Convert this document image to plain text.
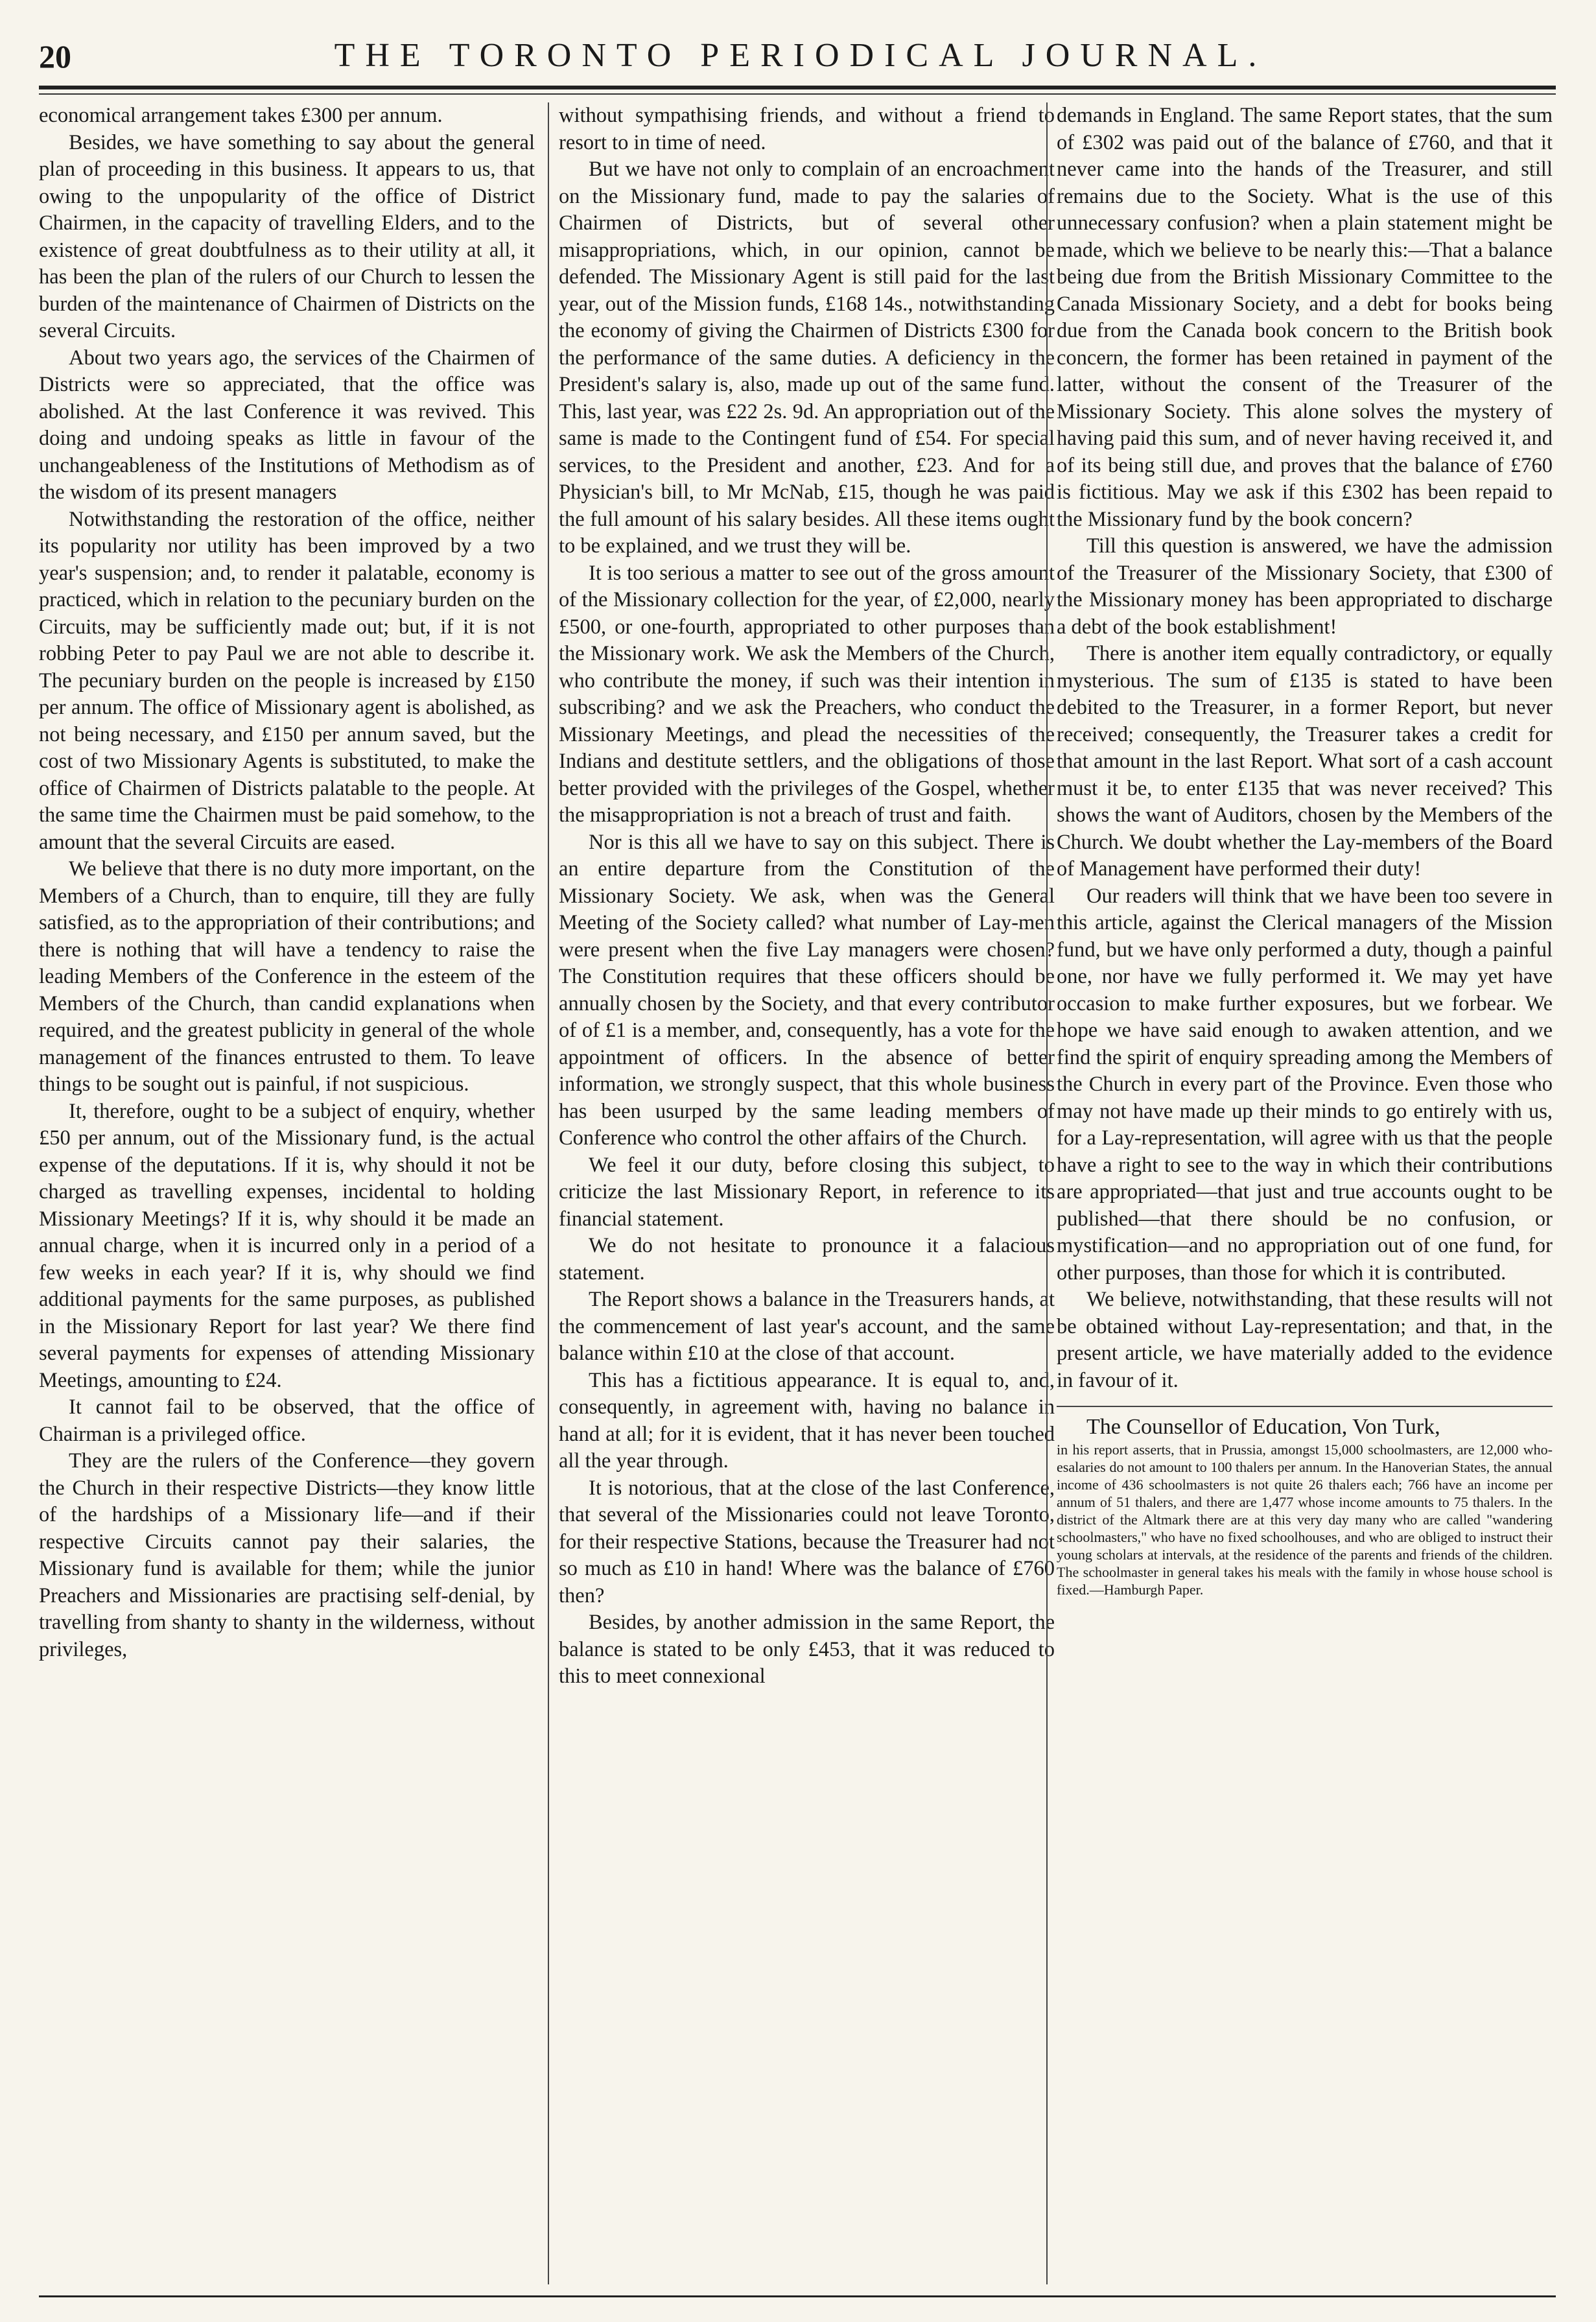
20	THE TORONTO PERIODICAL JOURNAL.

economical arrangement takes £300 per annum.

Besides, we have something to say about the general plan of proceeding in this business. It appears to us, that owing to the unpopularity of the office of District Chairmen, in the capacity of travelling Elders, and to the existence of great doubtfulness as to their utility at all, it has been the plan of the rulers of our Church to lessen the burden of the maintenance of Chairmen of Districts on the several Circuits.

About two years ago, the services of the Chairmen of Districts were so appreciated, that the office was abolished. At the last Conference it was revived. This doing and undoing speaks as little in favour of the unchangeableness of the Institutions of Methodism as of the wisdom of its present managers

Notwithstanding the restoration of the office, neither its popularity nor utility has been improved by a two year's suspension; and, to render it palatable, economy is practiced, which in relation to the pecuniary burden on the Circuits, may be sufficiently made out; but, if it is not robbing Peter to pay Paul we are not able to describe it. The pecuniary burden on the people is increased by £150 per annum. The office of Missionary agent is abolished, as not being necessary, and £150 per annum saved, but the cost of two Missionary Agents is substituted, to make the office of Chairmen of Districts palatable to the people. At the same time the Chairmen must be paid somehow, to the amount that the several Circuits are eased.

We believe that there is no duty more important, on the Members of a Church, than to enquire, till they are fully satisfied, as to the appropriation of their contributions; and there is nothing that will have a tendency to raise the leading Members of the Conference in the esteem of the Members of the Church, than candid explanations when required, and the greatest publicity in general of the whole management of the finances entrusted to them. To leave things to be sought out is painful, if not suspicious.

It, therefore, ought to be a subject of enquiry, whether £50 per annum, out of the Missionary fund, is the actual expense of the deputations. If it is, why should it not be charged as travelling expenses, incidental to holding Missionary Meetings? If it is, why should it be made an annual charge, when it is incurred only in a period of a few weeks in each year? If it is, why should we find additional payments for the same purposes, as published in the Missionary Report for last year? We there find several payments for expenses of attending Missionary Meetings, amounting to £24.

It cannot fail to be observed, that the office of Chairman is a privileged office.

They are the rulers of the Conference—they govern the Church in their respective Districts—they know little of the hardships of a Missionary life—and if their respective Circuits cannot pay their salaries, the Missionary fund is available for them; while the junior Preachers and Missionaries are practising self-denial, by travelling from shanty to shanty in the wilderness, without privileges,

without sympathising friends, and without a friend to resort to in time of need.

But we have not only to complain of an encroachment on the Missionary fund, made to pay the salaries of Chairmen of Districts, but of several other misappropriations, which, in our opinion, cannot be defended. The Missionary Agent is still paid for the last year, out of the Mission funds, £168 14s., notwithstanding the economy of giving the Chairmen of Districts £300 for the performance of the same duties. A deficiency in the President's salary is, also, made up out of the same fund. This, last year, was £22 2s. 9d. An appropriation out of the same is made to the Contingent fund of £54. For special services, to the President and another, £23. And for a Physician's bill, to Mr McNab, £15, though he was paid the full amount of his salary besides. All these items ought to be explained, and we trust they will be.

It is too serious a matter to see out of the gross amount of the Missionary collection for the year, of £2,000, nearly £500, or one-fourth, appropriated to other purposes than the Missionary work. We ask the Members of the Church, who contribute the money, if such was their intention in subscribing? and we ask the Preachers, who conduct the Missionary Meetings, and plead the necessities of the Indians and destitute settlers, and the obligations of those better provided with the privileges of the Gospel, whether the misappropriation is not a breach of trust and faith.

Nor is this all we have to say on this subject. There is an entire departure from the Constitution of the Missionary Society. We ask, when was the General Meeting of the Society called? what number of Lay-men were present when the five Lay managers were chosen? The Constitution requires that these officers should be annually chosen by the Society, and that every contributor of of £1 is a member, and, consequently, has a vote for the appointment of officers. In the absence of better information, we strongly suspect, that this whole business has been usurped by the same leading members of Conference who control the other affairs of the Church.

We feel it our duty, before closing this subject, to criticize the last Missionary Report, in reference to its financial statement.

We do not hesitate to pronounce it a falacious statement.

The Report shows a balance in the Treasurers hands, at the commencement of last year's account, and the same balance within £10 at the close of that account.

This has a fictitious appearance. It is equal to, and, consequently, in agreement with, having no balance in hand at all; for it is evident, that it has never been touched all the year through.

It is notorious, that at the close of the last Conference, that several of the Missionaries could not leave Toronto, for their respective Stations, because the Treasurer had not so much as £10 in hand! Where was the balance of £760 then?

Besides, by another admission in the same Report, the balance is stated to be only £453, that it was reduced to this to meet connexional

demands in England. The same Report states, that the sum of £302 was paid out of the balance of £760, and that it never came into the hands of the Treasurer, and still remains due to the Society. What is the use of this unnecessary confusion? when a plain statement might be made, which we believe to be nearly this:—That a balance being due from the British Missionary Committee to the Canada Missionary Society, and a debt for books being due from the Canada book concern to the British book concern, the former has been retained in payment of the latter, without the consent of the Treasurer of the Missionary Society. This alone solves the mystery of having paid this sum, and of never having received it, and of its being still due, and proves that the balance of £760 is fictitious. May we ask if this £302 has been repaid to the Missionary fund by the book concern?

Till this question is answered, we have the admission of the Treasurer of the Missionary Society, that £300 of the Missionary money has been appropriated to discharge a debt of the book establishment!

There is another item equally contradictory, or equally mysterious. The sum of £135 is stated to have been debited to the Treasurer, in a former Report, but never received; consequently, the Treasurer takes a credit for that amount in the last Report. What sort of a cash account must it be, to enter £135 that was never received? This shows the want of Auditors, chosen by the Members of the Church. We doubt whether the Lay-members of the Board of Management have performed their duty!

Our readers will think that we have been too severe in this article, against the Clerical managers of the Mission fund, but we have only performed a duty, though a painful one, nor have we fully performed it. We may yet have occasion to make further exposures, but we forbear. We hope we have said enough to awaken attention, and we find the spirit of enquiry spreading among the Members of the Church in every part of the Province. Even those who may not have made up their minds to go entirely with us, for a Lay-representation, will agree with us that the people have a right to see to the way in which their contributions are appropriated—that just and true accounts ought to be published—that there should be no confusion, or mystification—and no appropriation out of one fund, for other purposes, than those for which it is contributed.

We believe, notwithstanding, that these results will not be obtained without Lay-representation; and that, in the present article, we have materially added to the evidence in favour of it.

The Counsellor of Education, Von Turk,

in his report asserts, that in Prussia, amongst 15,000 schoolmasters, are 12,000 who-esalaries do not amount to 100 thalers per annum. In the Hanoverian States, the annual income of 436 schoolmasters is not quite 26 thalers each; 766 have an income per annum of 51 thalers, and there are 1,477 whose income amounts to 75 thalers. In the district of the Altmark there are at this very day many who are called "wandering schoolmasters," who have no fixed schoolhouses, and who are obliged to instruct their young scholars at intervals, at the residence of the parents and friends of the children. The schoolmaster in general takes his meals with the family in whose house school is fixed.—Hamburgh Paper.
